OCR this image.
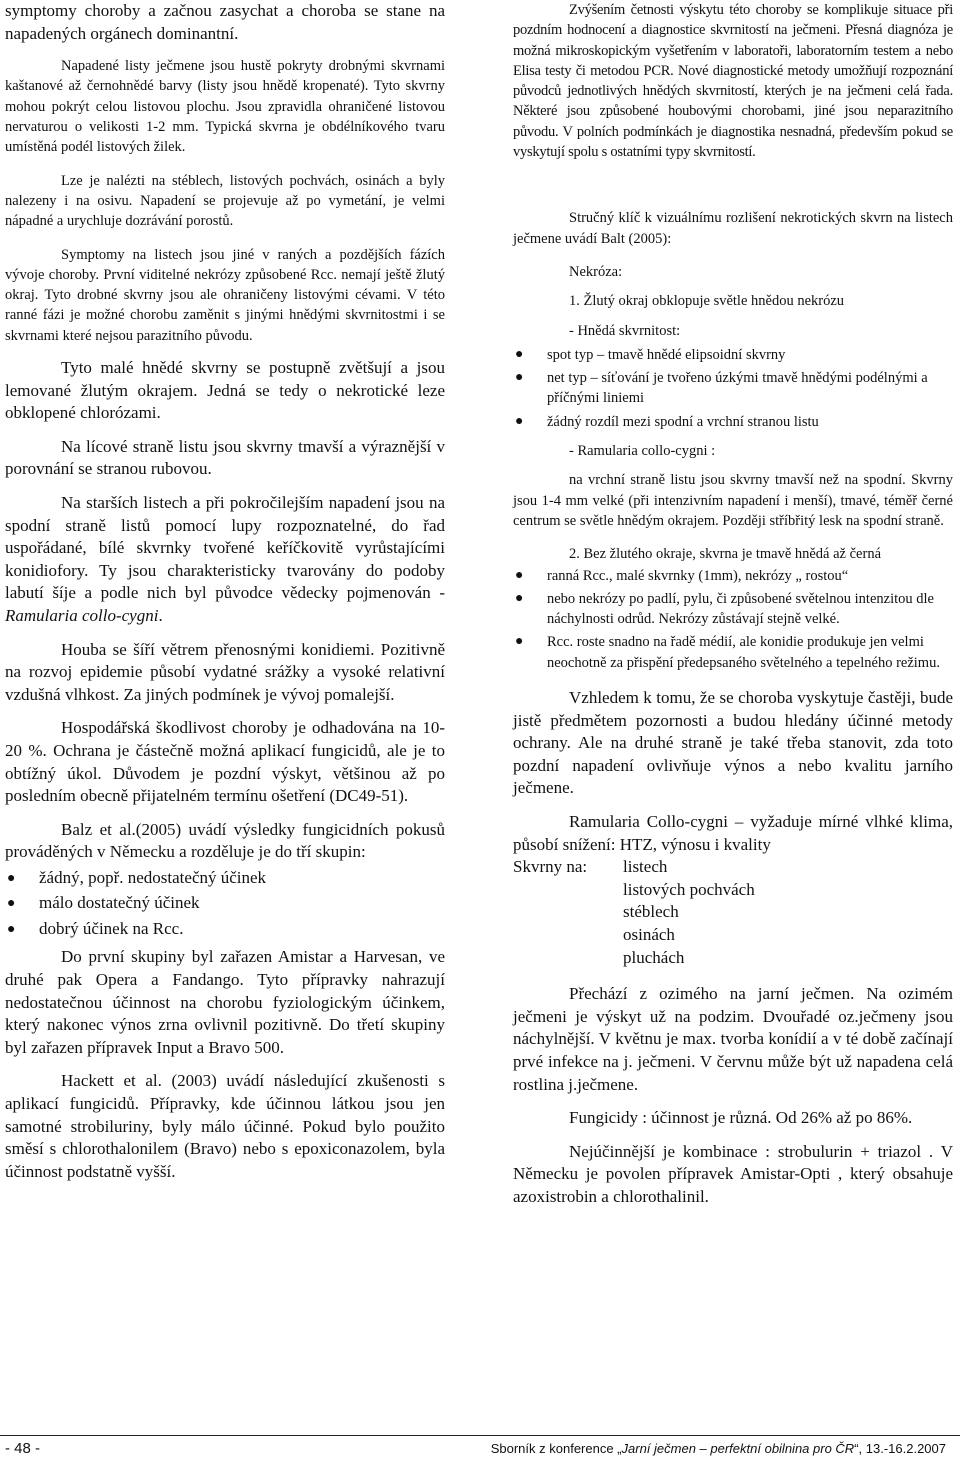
symptomy choroby a začnou zasychat a choroba se stane na napadených orgánech dominantní.

Napadené listy ječmene jsou hustě pokryty drobnými skvrnami kaštanové až černohnědé barvy (listy jsou hnědě kropenaté). Tyto skvrny mohou pokrýt celou listovou plochu. Jsou zpravidla ohraničené listovou nervaturou o velikosti 1-2 mm. Typická skvrna je obdélníkového tvaru umístěná podél listových žilek.

Lze je nalézti na stéblech, listových pochvách, osinách a byly nalezeny i na osivu. Napadení se projevuje až po vymetání, je velmi nápadné a urychluje dozrávání porostů.

Symptomy na listech jsou jiné v raných a pozdějších fázích vývoje choroby. První viditelné nekrózy způsobené Rcc. nemají ještě žlutý okraj. Tyto drobné skvrny jsou ale ohraničeny listovými cévami. V této ranné fázi je možné chorobu zaměnit s jinými hnědými skvrnitostmi i se skvrnami které nejsou parazitního původu.

Tyto malé hnědé skvrny se postupně zvětšují a jsou lemované žlutým okrajem. Jedná se tedy o nekrotické leze obklopené chlorózami.

Na lícové straně listu jsou skvrny tmavší a výraznější v porovnání se stranou rubovou.

Na starších listech a při pokročilejším napadení jsou na spodní straně listů pomocí lupy rozpoznatelné, do řad uspořádané, bílé skvrnky tvořené keříčkovitě vyrůstajícími konidiofory. Ty jsou charakteristicky tvarovány do podoby labutí šíje a podle nich byl původce vědecky pojmenován - Ramularia collo-cygni.

Houba se šíří větrem přenosnými konidiemi. Pozitivně na rozvoj epidemie působí vydatné srážky a vysoké relativní vzdušná vlhkost. Za jiných podmínek je vývoj pomalejší.

Hospodářská škodlivost choroby je odhadována na 10-20 %. Ochrana je částečně možná aplikací fungicidů, ale je to obtížný úkol. Důvodem je pozdní výskyt, většinou až po posledním obecně přijatelném termínu ošetření (DC49-51).

Balz et al.(2005) uvádí výsledky fungicidních pokusů prováděných v Německu a rozděluje je do tří skupin:

● žádný, popř. nedostatečný účinek
● málo dostatečný účinek
● dobrý účinek na Rcc.

Do první skupiny byl zařazen Amistar a Harvesan, ve druhé pak Opera a Fandango. Tyto přípravky nahrazují nedostatečnou účinnost na chorobu fyziologickým účinkem, který nakonec výnos zrna ovlivnil pozitivně. Do třetí skupiny byl zařazen přípravek Input a Bravo 500.

Hackett et al. (2003) uvádí následující zkušenosti s aplikací fungicidů. Přípravky, kde účinnou látkou jsou jen samotné strobiluriny, byly málo účinné. Pokud bylo použito směsí s chlorothalonilem (Bravo) nebo s epoxiconazolem, byla účinnost podstatně vyšší.

Zvýšením četnosti výskytu této choroby se komplikuje situace při pozdním hodnocení a diagnostice skvrnitostí na ječmeni. Přesná diagnóza je možná mikroskopickým vyšetřením v laboratoři, laboratorním testem a nebo Elisa testy či metodou PCR. Nové diagnostické metody umožňují rozpoznání původců jednotlivých hnědých skvrnitostí, kterých je na ječmeni celá řada. Některé jsou způsobené houbovými chorobami, jiné jsou neparazitního původu. V polních podmínkách je diagnostika nesnadná, především pokud se vyskytují spolu s ostatními typy skvrnitostí.

Stručný klíč k vizuálnímu rozlišení nekrotických skvrn na listech ječmene uvádí Balt (2005):

Nekróza:

1. Žlutý okraj obklopuje světle hnědou nekrózu

- Hnědá skvrnitost:

● spot typ – tmavě hnědé elipsoidní skvrny
● net typ – síťování je tvořeno úzkými tmavě hnědými podélnými a příčnými liniemi
● žádný rozdíl mezi spodní a vrchní stranou listu

- Ramularia collo-cygni :

na vrchní straně listu jsou skvrny tmavší než na spodní. Skvrny jsou 1-4 mm velké (při intenzivním napadení i menší), tmavé, téměř černé centrum se světle hnědým okrajem. Později stříbřitý lesk na spodní straně.

2. Bez žlutého okraje, skvrna je tmavě hnědá až černá

● ranná Rcc., malé skvrnky (1mm), nekrózy „ rostou“
● nebo nekrózy po padlí, pylu, či způsobené světelnou intenzitou dle náchylnosti odrůd. Nekrózy zůstávají stejně velké.
● Rcc. roste snadno na řadě médií, ale konidie produkuje jen velmi neochotně za přispění předepsaného světelného a tepelného režimu.

Vzhledem k tomu, že se choroba vyskytuje častěji, bude jistě předmětem pozornosti a budou hledány účinné metody ochrany. Ale na druhé straně je také třeba stanovit, zda toto pozdní napadení ovlivňuje výnos a nebo kvalitu jarního ječmene.

Ramularia Collo-cygni – vyžaduje mírné vlhké klima, působí snížení: HTZ, výnosu i kvality

Skvrny na:	listech
listových pochvách
stéblech
osinách
pluchách

Přechází z ozimého na jarní ječmen. Na ozimém ječmeni je výskyt už na podzim. Dvouřadé oz.ječmeny jsou náchylnější. V květnu je max. tvorba konídií a v té době začínají prvé infekce na j. ječmeni. V červnu může být už napadena celá rostlina j.ječmene.

Fungicidy : účinnost je různá. Od 26% až po 86%.

Nejúčinnější je kombinace : strobulurin + triazol . V Německu je povolen přípravek Amistar-Opti , který obsahuje azoxistrobin a chlorothalinil.

- 48 -	Sborník z konference „Jarní ječmen – perfektní obilnina pro ČR“, 13.-16.2.2007
